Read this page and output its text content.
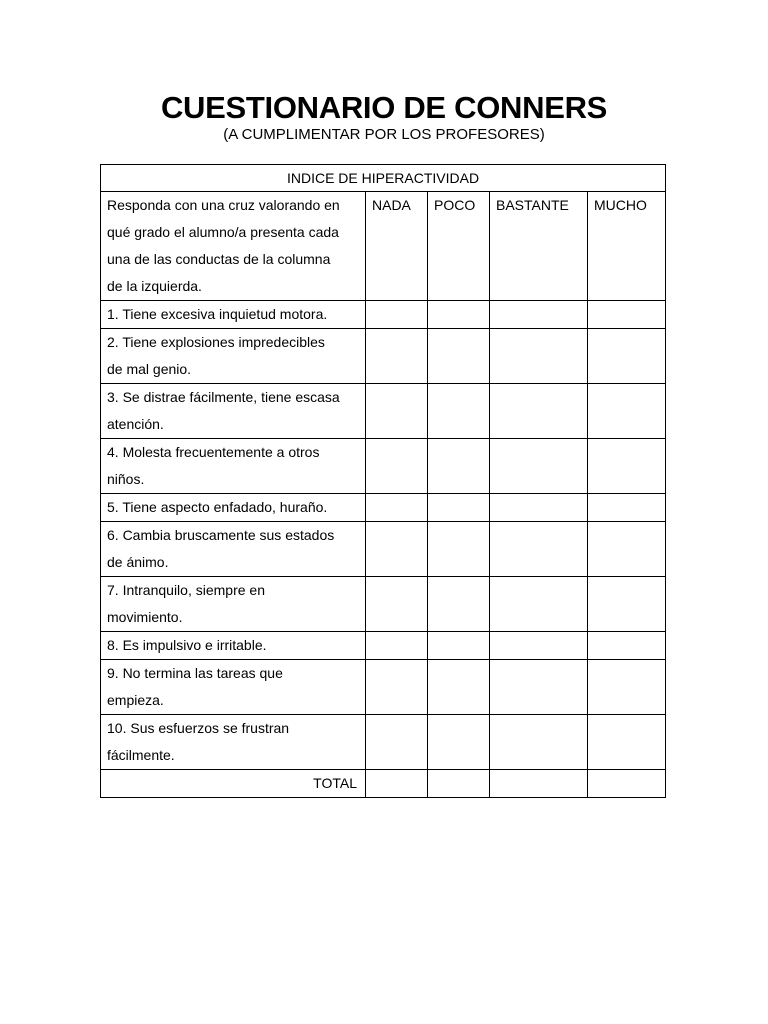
CUESTIONARIO DE CONNERS
(A CUMPLIMENTAR POR LOS PROFESORES)
INDICE DE HIPERACTIVIDAD				

Responda con una cruz valorando en
qué grado el alumno/a presenta cada
una de las conductas de la columna
de la izquierda.	NADA	POCO	BASTANTE	MUCHO

1. Tiene excesiva inquietud motora.				

2. Tiene explosiones impredecibles
de mal genio.				

3. Se distrae fácilmente, tiene escasa
atención.				

4. Molesta frecuentemente a otros
niños.				

5. Tiene aspecto enfadado, huraño.				

6. Cambia bruscamente sus estados
de ánimo.				

7. Intranquilo, siempre en
movimiento.				

8. Es impulsivo e irritable.				

9. No termina las tareas que
empieza.				

10. Sus esfuerzos se frustran
fácilmente.				

TOTAL				
